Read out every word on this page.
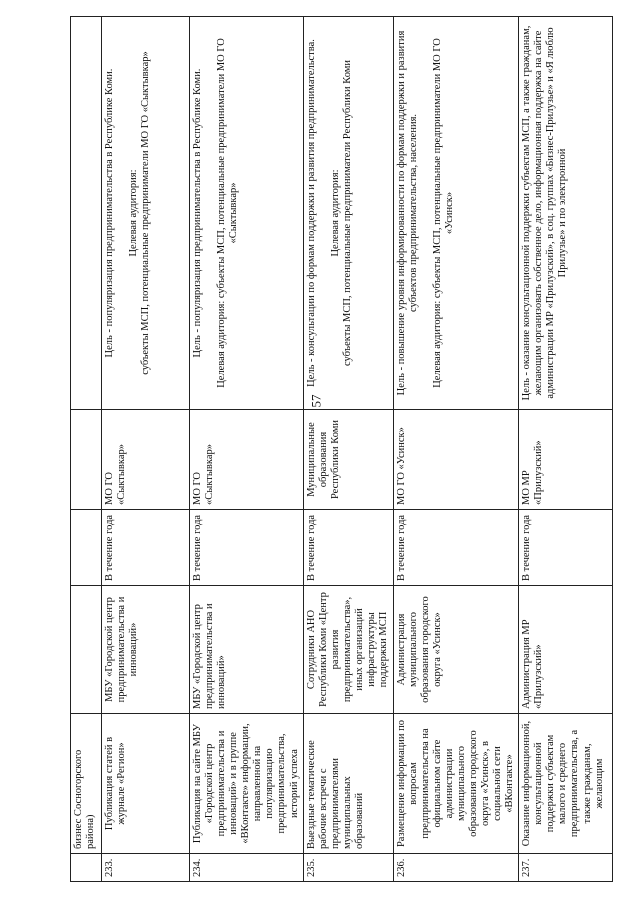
57
	бизнес Сосногорского района)				
233.	Публикация статей в журнале «Регион»	МБУ «Городской центр предпринимательства и инноваций»	В течение года	МО ГО «Сыктывкар»	Цель - популяризация предпринимательства в Республике Коми. Целевая аудитория: субъекты МСП, потенциальные предприниматели МО ГО «Сыктывкар»

234.	Публикация на сайте МБУ «Городской центр предпринимательства и инноваций» и в группе «ВКонтакте» информации, направленной на популяризацию предпринимательства, историй успеха	МБУ «Городской центр предпринимательства и инноваций»	В течение года	МО ГО «Сыктывкар»	Цель - популяризация предпринимательства в Республике Коми. Целевая аудитория: субъекты МСП, потенциальные предприниматели МО ГО «Сыктывкар»

235.	Выездные тематические рабочие встречи с предпринимателями муниципальных образований	Сотрудники АНО Республики Коми «Центр развития предпринимательства», иных организаций инфраструктуры поддержки МСП	В течение года	Муниципальные образования Республики Коми	Цель - консультации по формам поддержки и развития предпринимательства. Целевая аудитория: субъекты МСП, потенциальные предприниматели Республики Коми

236.	Размещение информации по вопросам предпринимательства на официальном сайте администрации муниципального образования городского округа «Усинск», в социальной сети «ВКонтакте»	Администрация муниципального образования городского округа «Усинск»	В течение года	МО ГО «Усинск»	Цель - повышение уровня информированности по формам поддержки и развития субъектов предпринимательства, населения. Целевая аудитория: субъекты МСП, потенциальные предприниматели МО ГО «Усинск»

237.	Оказание информационной, консультационной поддержки субъектам малого и среднего предпринимательства, а также гражданам, желающим	Администрация МР «Прилузский»	В течение года	МО МР «Прилузский»	Цель - оказание консультационной поддержки субъектам МСП, а также гражданам, желающим организовать собственное дело, информационная поддержка на сайте администрации МР «Прилузский», в соц. группах «Бизнес-Прилузье» и «Я люблю Прилузье» и по электронной
